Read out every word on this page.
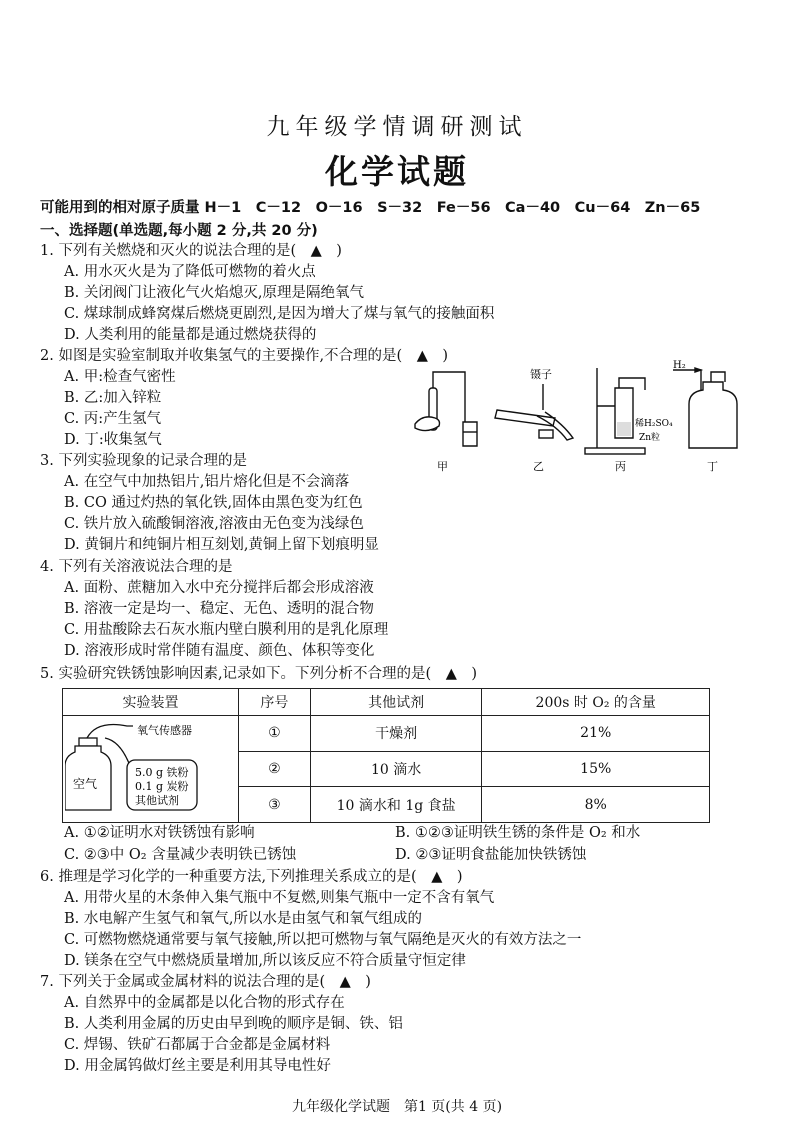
九年级学情调研测试
化学试题
可能用到的相对原子质量 H－1　C－12　O－16　S－32　Fe－56　Ca－40　Cu－64　Zn－65
一、选择题(单选题,每小题 2 分,共 20 分)
1. 下列有关燃烧和灭火的说法合理的是(　▲　)
A. 用水灭火是为了降低可燃物的着火点
B. 关闭阀门让液化气火焰熄灭,原理是隔绝氧气
C. 煤球制成蜂窝煤后燃烧更剧烈,是因为增大了煤与氧气的接触面积
D. 人类利用的能量都是通过燃烧获得的
2. 如图是实验室制取并收集氢气的主要操作,不合理的是(　▲　)
A. 甲:检查气密性
B. 乙:加入锌粒
C. 丙:产生氢气
D. 丁:收集氢气
甲
镊子
乙
稀H₂SO₄
Zn粒
丙
H₂
丁
3. 下列实验现象的记录合理的是
A. 在空气中加热铝片,铝片熔化但是不会滴落
B. CO 通过灼热的氧化铁,固体由黑色变为红色
C. 铁片放入硫酸铜溶液,溶液由无色变为浅绿色
D. 黄铜片和纯铜片相互刻划,黄铜上留下划痕明显
4. 下列有关溶液说法合理的是
A. 面粉、蔗糖加入水中充分搅拌后都会形成溶液
B. 溶液一定是均一、稳定、无色、透明的混合物
C. 用盐酸除去石灰水瓶内壁白膜利用的是乳化原理
D. 溶液形成时常伴随有温度、颜色、体积等变化
5. 实验研究铁锈蚀影响因素,记录如下。下列分析不合理的是(　▲　)
实验装置	序号	其他试剂	200s 时 O₂ 的含量

氧气传感器
空气
5.0 g 铁粉
0.1 g 炭粉
其他试剂	①	干燥剂	21%
	②	10 滴水	15%
	③	10 滴水和 1g 食盐	8%
A. ①②证明水对铁锈蚀有影响	B. ①②③证明铁生锈的条件是 O₂ 和水
C. ②③中 O₂ 含量减少表明铁已锈蚀	D. ②③证明食盐能加快铁锈蚀
6. 推理是学习化学的一种重要方法,下列推理关系成立的是(　▲　)
A. 用带火星的木条伸入集气瓶中不复燃,则集气瓶中一定不含有氧气
B. 水电解产生氢气和氧气,所以水是由氢气和氧气组成的
C. 可燃物燃烧通常要与氧气接触,所以把可燃物与氧气隔绝是灭火的有效方法之一
D. 镁条在空气中燃烧质量增加,所以该反应不符合质量守恒定律
7. 下列关于金属或金属材料的说法合理的是(　▲　)
A. 自然界中的金属都是以化合物的形式存在
B. 人类利用金属的历史由早到晚的顺序是铜、铁、铝
C. 焊锡、铁矿石都属于合金都是金属材料
D. 用金属钨做灯丝主要是利用其导电性好
九年级化学试题　第1 页(共 4 页)
